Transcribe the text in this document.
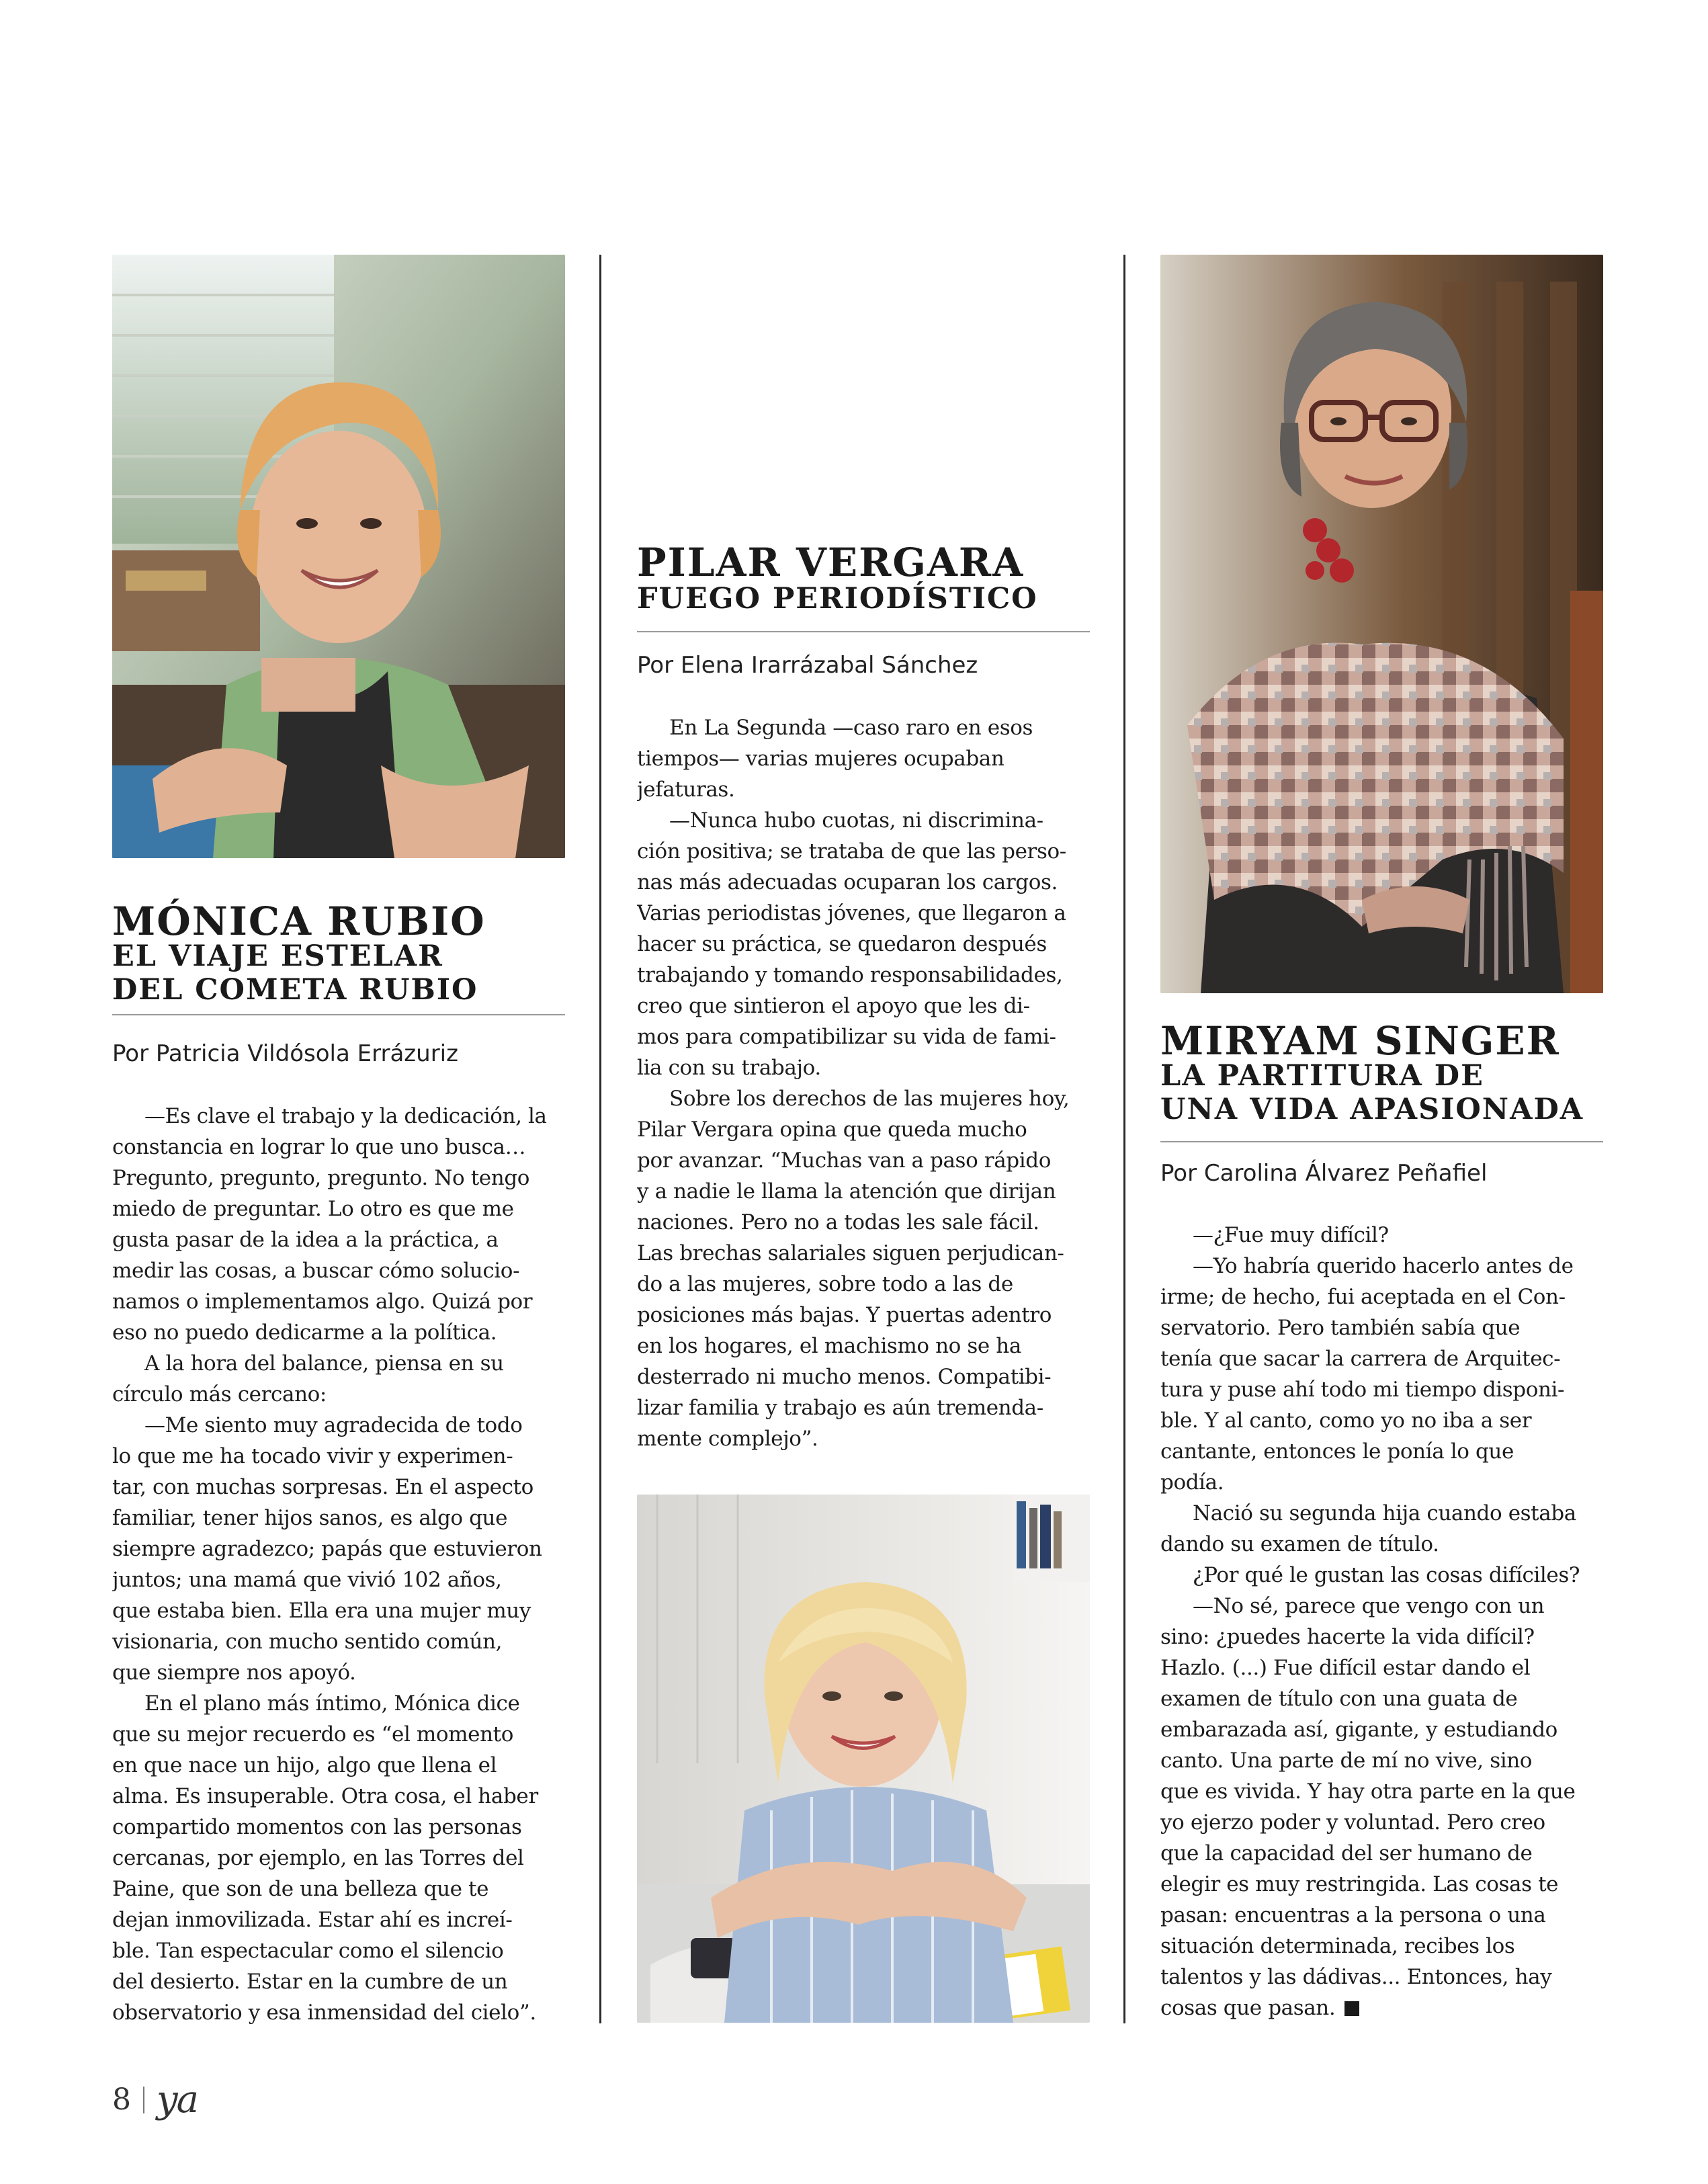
MÓNICA RUBIO
EL VIAJE ESTELAR
DEL COMETA RUBIO
Por Patricia Vildósola Errázuriz
—Es clave el trabajo y la dedicación, la
constancia en lograr lo que uno busca…
Pregunto, pregunto, pregunto. No tengo
miedo de preguntar. Lo otro es que me
gusta pasar de la idea a la práctica, a
medir las cosas, a buscar cómo solucio-
namos o implementamos algo. Quizá por
eso no puedo dedicarme a la política.
A la hora del balance, piensa en su
círculo más cercano:
—Me siento muy agradecida de todo
lo que me ha tocado vivir y experimen-
tar, con muchas sorpresas. En el aspecto
familiar, tener hijos sanos, es algo que
siempre agradezco; papás que estuvieron
juntos; una mamá que vivió 102 años,
que estaba bien. Ella era una mujer muy
visionaria, con mucho sentido común,
que siempre nos apoyó.
En el plano más íntimo, Mónica dice
que su mejor recuerdo es “el momento
en que nace un hijo, algo que llena el
alma. Es insuperable. Otra cosa, el haber
compartido momentos con las personas
cercanas, por ejemplo, en las Torres del
Paine, que son de una belleza que te
dejan inmovilizada. Estar ahí es increí-
ble. Tan espectacular como el silencio
del desierto. Estar en la cumbre de un
observatorio y esa inmensidad del cielo”.
PILAR VERGARA
FUEGO PERIODÍSTICO
Por Elena Irarrázabal Sánchez
En La Segunda —caso raro en esos
tiempos— varias mujeres ocupaban
jefaturas.
—Nunca hubo cuotas, ni discrimina-
ción positiva; se trataba de que las perso-
nas más adecuadas ocuparan los cargos.
Varias periodistas jóvenes, que llegaron a
hacer su práctica, se quedaron después
trabajando y tomando responsabilidades,
creo que sintieron el apoyo que les di-
mos para compatibilizar su vida de fami-
lia con su trabajo.
Sobre los derechos de las mujeres hoy,
Pilar Vergara opina que queda mucho
por avanzar. “Muchas van a paso rápido
y a nadie le llama la atención que dirijan
naciones. Pero no a todas les sale fácil.
Las brechas salariales siguen perjudican-
do a las mujeres, sobre todo a las de
posiciones más bajas. Y puertas adentro
en los hogares, el machismo no se ha
desterrado ni mucho menos. Compatibi-
lizar familia y trabajo es aún tremenda-
mente complejo”.
MIRYAM SINGER
LA PARTITURA DE
UNA VIDA APASIONADA
Por Carolina Álvarez Peñafiel
—¿Fue muy difícil?
—Yo habría querido hacerlo antes de
irme; de hecho, fui aceptada en el Con-
servatorio. Pero también sabía que
tenía que sacar la carrera de Arquitec-
tura y puse ahí todo mi tiempo disponi-
ble. Y al canto, como yo no iba a ser
cantante, entonces le ponía lo que
podía.
Nació su segunda hija cuando estaba
dando su examen de título.
¿Por qué le gustan las cosas difíciles?
—No sé, parece que vengo con un
sino: ¿puedes hacerte la vida difícil?
Hazlo. (...) Fue difícil estar dando el
examen de título con una guata de
embarazada así, gigante, y estudiando
canto. Una parte de mí no vive, sino
que es vivida. Y hay otra parte en la que
yo ejerzo poder y voluntad. Pero creo
que la capacidad del ser humano de
elegir es muy restringida. Las cosas te
pasan: encuentras a la persona o una
situación determinada, recibes los
talentos y las dádivas... Entonces, hay
cosas que pasan.
8 ya
